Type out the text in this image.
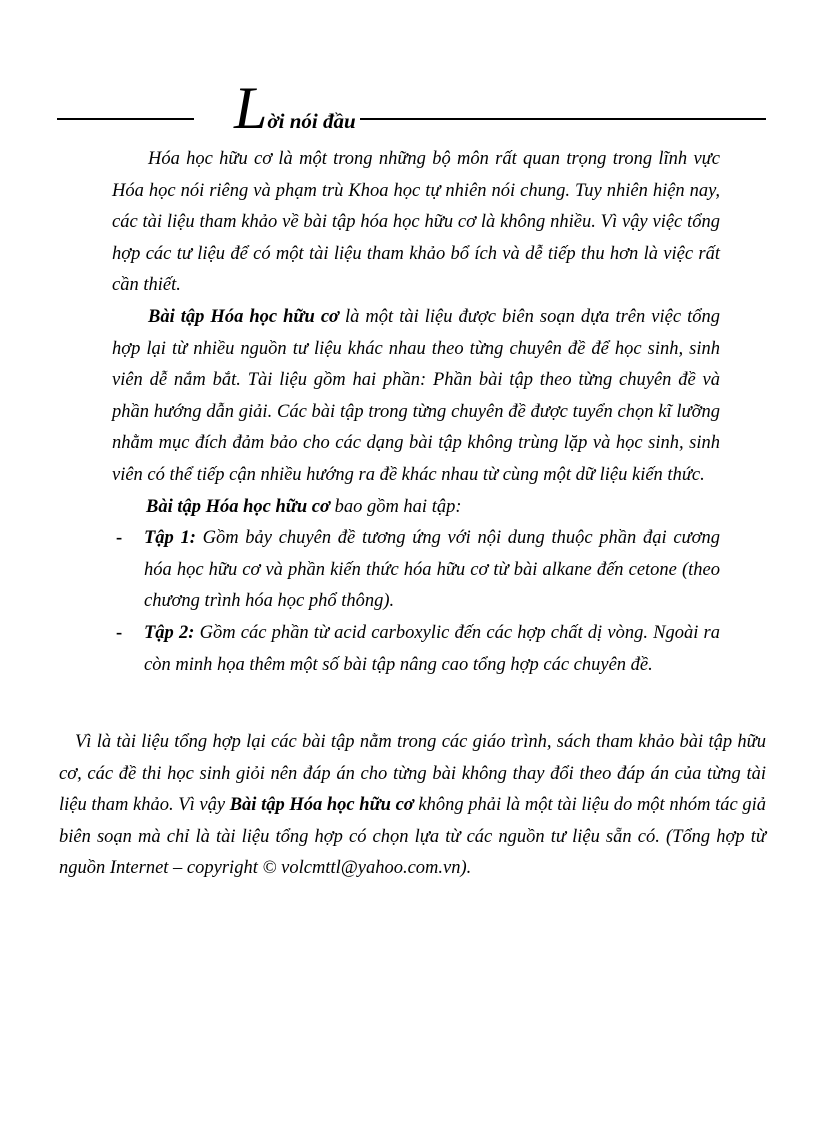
Lời nói đầu

Hóa học hữu cơ là một trong những bộ môn rất quan trọng trong lĩnh vực Hóa học nói riêng và phạm trù Khoa học tự nhiên nói chung. Tuy nhiên hiện nay, các tài liệu tham khảo về bài tập hóa học hữu cơ là không nhiều. Vì vậy việc tổng hợp các tư liệu để có một tài liệu tham khảo bổ ích và dễ tiếp thu hơn là việc rất cần thiết.

Bài tập Hóa học hữu cơ là một tài liệu được biên soạn dựa trên việc tổng hợp lại từ nhiều nguồn tư liệu khác nhau theo từng chuyên đề để học sinh, sinh viên dễ nắm bắt. Tài liệu gồm hai phần: Phần bài tập theo từng chuyên đề và phần hướng dẫn giải. Các bài tập trong từng chuyên đề được tuyển chọn kĩ lưỡng nhằm mục đích đảm bảo cho các dạng bài tập không trùng lặp và học sinh, sinh viên có thể tiếp cận nhiều hướng ra đề khác nhau từ cùng một dữ liệu kiến thức.

Bài tập Hóa học hữu cơ bao gồm hai tập:

- Tập 1: Gồm bảy chuyên đề tương ứng với nội dung thuộc phần đại cương hóa học hữu cơ và phần kiến thức hóa hữu cơ từ bài alkane đến cetone (theo chương trình hóa học phổ thông).
- Tập 2: Gồm các phần từ acid carboxylic đến các hợp chất dị vòng. Ngoài ra còn minh họa thêm một số bài tập nâng cao tổng hợp các chuyên đề.

Vì là tài liệu tổng hợp lại các bài tập nằm trong các giáo trình, sách tham khảo bài tập hữu cơ, các đề thi học sinh giỏi nên đáp án cho từng bài không thay đổi theo đáp án của từng tài liệu tham khảo. Vì vậy Bài tập Hóa học hữu cơ không phải là một tài liệu do một nhóm tác giả biên soạn mà chỉ là tài liệu tổng hợp có chọn lựa từ các nguồn tư liệu sẵn có. (Tổng hợp từ nguồn Internet – copyright © volcmttl@yahoo.com.vn).
